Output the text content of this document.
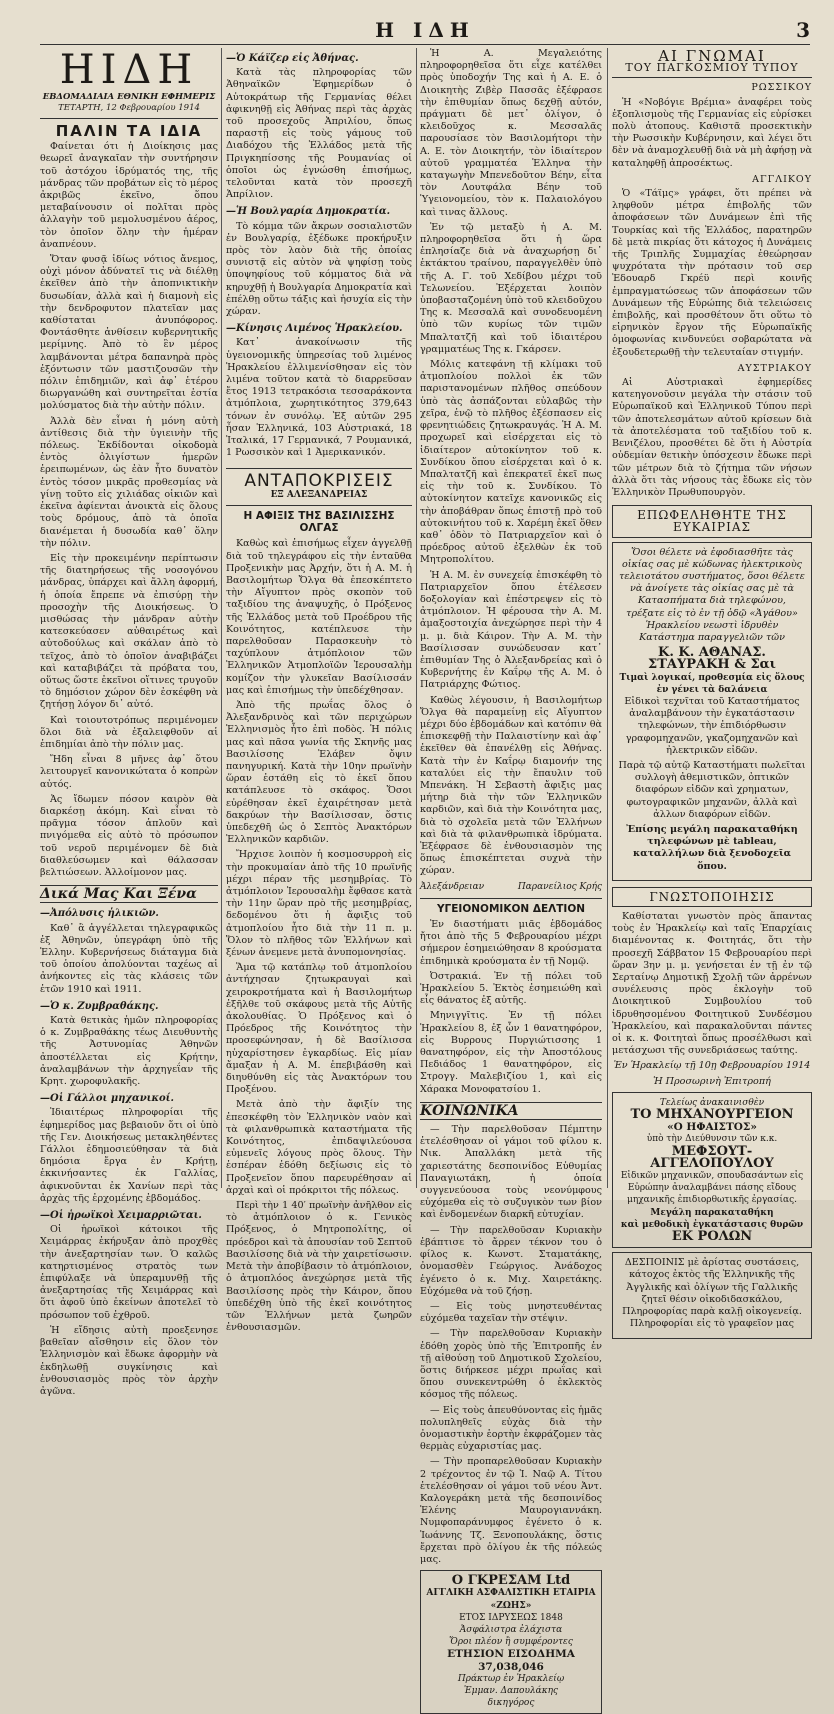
Η ΙΔΗ	3
ΗΙΔΗ
ΕΒΔΟΜΑΔΙΑΙΑ ΕΘΝΙΚΗ ΕΦΗΜΕΡΙΣ
ΤΕΤΑΡΤΗ, 12 Φεβρουαρίου 1914
ΠΑΛΙΝ ΤΑ ΙΔΙΑ

Φαίνεται ότι ἡ Διοίκησις μας θεωρεῖ ἀναγκαῖαν τὴν συντήρησιν τοῦ ἀστόχου ἱδρύματός της, τῆς μάνδρας τῶν προβάτων εἰς τὸ μέρος ἀκριβῶς ἐκεῖνο, ὅπου μεταβαίνουσιν οἱ πολῖται πρὸς ἀλλαγὴν τοῦ μεμολυσμένου ἀέρος, τὸν ὁποῖον ὅλην τὴν ἡμέραν ἀναπνέουν.

Ὅταν φυσᾷ ἰδίως νότιος ἄνεμος, οὐχὶ μόνον ἀδύνατεῖ τις νὰ διέλθῃ ἐκεῖθεν ἀπὸ τὴν ἀποπνικτικὴν δυσωδίαν, ἀλλὰ καὶ ἡ διαμονὴ εἰς τὴν δενδροφυτον πλατεῖαν μας καθίσταται ἀνυπόφορος. Φοντάσθητε ἀνθίσειν κυβερνητικῆς μερίμνης. Ἀπὸ τὸ ἓν μέρος λαμβάνονται μέτρα δαπανηρὰ πρὸς ἐξόντωσιν τῶν μαστιζουσῶν τὴν πόλιν ἐπιδημιῶν, καὶ ἀφ᾽ ἑτέρου διωργανώθη καὶ συντηρεῖται ἑστία μολύσματος διὰ τὴν αὐτὴν πόλιν.

Ἀλλὰ δὲν εἶναι ἡ μόνη αὐτὴ ἀντίθεσις διὰ τὴν ὑγιεινὴν τῆς πόλεως. Ἐκδίδονται οἰκοδομὰ ἐντὸς ὀλιγίστων ἡμερῶν ἐρειπωμένων, ὡς ἐὰν ἦτο δυνατὸν ἐντὸς τόσον μικρᾶς προθεσμίας νὰ γίνῃ τοῦτο εἰς χιλιάδας οἰκιῶν καὶ ἐκεῖνα ἀφίενται ἀνοικτὰ εἰς ὅλους τοὺς δρόμους, ἀπὸ τὰ ὁποῖα διανέμεται ἡ δυσωδία καθ᾽ ὅλην τὴν πόλιν.

Εἰς τὴν προκειμένην περίπτωσιν τῆς διατηρήσεως τῆς νοσογόνου μάνδρας, ὑπάρχει καὶ ἄλλη ἀφορμή, ἡ ὁποία ἔπρεπε νὰ ἐπισύρῃ τὴν προσοχὴν τῆς Διοικήσεως. Ὁ μισθώσας τὴν μάνδραν αὐτὴν κατεσκεύασεν αὐθαιρέτως καὶ αὐτοδούλως καὶ σκάλαν ἀπὸ τὸ τεῖχος, ἀπὸ τὸ ὁποῖον ἀναβιβάζει καὶ καταβιβάζει τὰ πρόβατα του, οὕτως ὥστε ἐκεῖνοι οἵτινες τρυγοῦν τὸ δημόσιον χώρον δὲν ἐσκέφθη νὰ ζητήσῃ λόγον δι᾽ αὐτό.

Καὶ τοιουτοτρόπως περιμένομεν ὅλοι διὰ νὰ ἐξαλειφθοῦν αἱ ἐπιδημίαι ἀπὸ τὴν πόλιν μας.

Ἤδη εἶναι 8 μῆνες ἀφ᾽ ὅτου λειτουργεῖ κανονικώτατα ὁ κοπρὼν αὐτός.

Ἀς ἴδωμεν πόσον καιρὸν θὰ διαρκέσῃ ἀκόμη. Καὶ εἶναι τὸ πρᾶγμα τόσον ἁπλοῦν καὶ πνιγόμεθα εἰς αὐτὸ τὸ πρόσωπον τοῦ νεροῦ περιμένομεν δὲ διὰ διαθλεύσωμεν καὶ θάλασσαν βελτιώσεων. Ἀλλοίμονον μας.

Δικά Μας Και Ξένα
—Ἀπόλυσις ἡλικιῶν.

Καθ᾽ ἃ ἀγγέλλεται τηλεγραφικῶς ἐξ Ἀθηνῶν, ὑπεγράφη ὑπὸ τῆς Ἑλλην. Κυβερνήσεως διάταγμα διὰ τοῦ ὁποίου ἀπολύονται ταχέως αἱ ἀνήκοντες εἰς τὰς κλάσεις τῶν ἐτῶν 1910 καὶ 1911.

—Ὁ κ. Ζυμβραθάκης.

Κατὰ θετικὰς ἡμῶν πληροφορίας ὁ κ. Ζυμβραθάκης τέως Διευθυντὴς τῆς Ἀστυνομίας Ἀθηνῶν ἀποστέλλεται εἰς Κρήτην, ἀναλαμβάνων τὴν ἀρχηγεΐαν τῆς Κρητ. χωροφυλακῆς.

—Οἱ Γάλλοι μηχανικοί.

Ἰδιαιτέρως πληροφορίαι τῆς ἐφημερίδος μας βεβαιοῦν ὅτι οἱ ὑπὸ τῆς Γεν. Διοικήσεως μετακληθέντες Γάλλοι ἐδημοσιεύθησαν τὰ διὰ δημόσια ἔργα ἐν Κρήτῃ, ἐκκινήσαντες ἐκ Γαλλίας, ἀφικνοῦνται ἐκ Χανίων περὶ τὰς ἀρχὰς τῆς ἐρχομένης ἑβδομάδος.

—Οἱ ἡρωϊκοὶ Χειμαρριῶται.

Οἱ ἡρωϊκοὶ κάτοικοι τῆς Χειμάρρας ἐκήρυξαν ἀπὸ προχθὲς τὴν ἀνεξαρτησίαν των. Ὁ καλῶς κατηρτισμένος στρατὸς των ἐπιφύλαξε νὰ ὑπεραμυνθῇ τῆς ἀνεξαρτησίας τῆς Χειμάρρας καὶ ὅτι ἀφοῦ ὑπὸ ἐκείνων ἀποτελεῖ τὸ πρόσωπον τοῦ ἐχθροῦ.

Ἡ εἴδησις αὐτὴ προεξενησε βαθεῖαν αἴσθησιν εἰς ὅλον τὸν Ἑλληνισμὸν καὶ ἔδωκε ἀφορμὴν νὰ ἐκδηλωθῇ συγκίνησις καὶ ἐνθουσιασμὸς πρὸς τὸν ἀρχὴν ἀγῶνα.

—Ὁ Κάϊζερ εἰς Ἀθήνας.

Κατὰ τὰς πληροφορίας τῶν Ἀθηναϊκῶν Ἐφημερίδων ὁ Αὐτοκράτωρ τῆς Γερμανίας θέλει ἀφικνηθῇ εἰς Ἀθήνας περὶ τὰς ἀρχὰς τοῦ προσεχοῦς Ἀπριλίου, ὅπως παραστῇ εἰς τοὺς γάμους τοῦ Διαδόχου τῆς Ἑλλάδος μετὰ τῆς Πριγκηπίσσης τῆς Ρουμανίας οἱ ὁποῖοι ὡς ἐγνώσθη ἐπισήμως, τελοῦνται κατὰ τὸν προσεχῆ Ἀπρίλιον.

—Ἡ Βουλγαρία Δημοκρατία.

Τὸ κόμμα τῶν ἄκρων σοσιαλιστῶν ἐν Βουλγαρίᾳ, ἐξέδωκε προκήρυξιν πρὸς τὸν λαὸν διὰ τῆς ὁποίας συνιστᾷ εἰς αὐτὸν νὰ ψηφίσῃ τοὺς ὑποψηφίους τοῦ κόμματος διὰ νὰ κηρυχθῇ ἡ Βουλγαρία Δημοκρατία καὶ ἐπέλθῃ οὕτω τάξις καὶ ἡσυχία εἰς τὴν χώραν.

—Κίνησις Λιμένος Ἡρακλείου.

Κατ᾽ ἀνακοίνωσιν τῆς ὑγειονομικῆς ὑπηρεσίας τοῦ λιμένος Ἡρακλείου ἐλλιμενίσθησαν εἰς τὸν λιμένα τοῦτον κατὰ τὸ διαρρεῦσαν ἔτος 1913 τετρακόσια τεσσαράκοντα ἀτμόπλοια, χωρητικότητος 379,643 τόνων ἐν συνόλῳ. Ἐξ αὐτῶν 295 ἦσαν Ἑλληνικά, 103 Αὐστριακά, 18 Ἰταλικά, 17 Γερμανικά, 7 Ρουμανικά, 1 Ρωσσικὸν καὶ 1 Ἀμερικανικόν.

ΑΝΤΑΠΟΚΡΙΣΕΙΣ
ΕΞ ΑΛΕΞΑΝΔΡΕΙΑΣ
Η ΑΦΙΞΙΣ ΤΗΣ ΒΑΣΙΛΙΣΣΗΣ ΟΛΓΑΣ

Καθὼς καὶ ἐπισήμως εἶχεν ἀγγελθῇ διὰ τοῦ τηλεγράφου εἰς τὴν ἐνταῦθα Προξενικὴν μας Ἀρχήν, ὅτι ἡ Α. Μ. ἡ Βασιλομήτωρ Ὄλγα θὰ ἐπεσκέπτετο τὴν Αἴγυπτον πρὸς σκοπὸν τοῦ ταξιδίου της ἀναψυχῆς, ὁ Πρόξενος τῆς Ἑλλάδος μετὰ τοῦ Προέδρου τῆς Κοινότητος, κατέπλευσε τὴν παρελθοῦσαν Παρασκευὴν τὸ ταχύπλουν ἀτμόπλοιον τῶν Ἐλληνικῶν Ἀτμοπλοϊῶν Ἱερουσαλὴμ κομίζον τὴν γλυκεῖαν Βασίλισσάν μας καὶ ἐπισήμως τὴν ὑπεδέχθησαν.

Ἀπὸ τῆς πρωΐας ὅλος ὁ Ἀλεξανδρινὸς καὶ τῶν περιχώρων Ἑλληνισμὸς ἦτο ἐπὶ ποδὸς. Ἡ πόλις μας καὶ πᾶσα γωνία τῆς Σκηνῆς μας Βασιλίσσης Ἐλάβεν ὄψιν πανηγυρική. Κατὰ τὴν 10ην πρωϊνὴν ὥραν ἐστάθη εἰς τὸ ἐκεῖ ὅπου κατάπλευσε τὸ σκάφος. Ὅσοι εὐρέθησαν ἐκεῖ ἐχαιρέτησαν μετὰ δακρύων τὴν Βασίλισσαν, ὅστις ὑπεδεχθῆ ὡς ὁ Σεπτὸς Ἀνακτόρων Ἐλληνικῶν καρδιῶν.

Ἤρχισε λοιπὸν ἡ κοσμοσυρροὴ εἰς τὴν προκυμαίαν ἀπὸ τῆς 10 πρωϊνῆς μέχρι πέραν τῆς μεσημβρίας. Τὸ ἀτμόπλοιον Ἱερουσαλὴμ ἔφθασε κατὰ τὴν 11ην ὥραν πρὸ τῆς μεσημβρίας, δεδομένου ὅτι ἡ ἄφιξις τοῦ ἀτμοπλοίου ἦτο διὰ τὴν 11 π. μ. Ὅλον τὸ πλῆθος τῶν Ἑλλήνων καὶ ξένων ἀνεμενε μετὰ ἀνυπομονησίας.

Ἅμα τῷ κατάπλῳ τοῦ ἀτμοπλοίου ἀντήχησαν ζητωκραυγαὶ καὶ χειροκροτήματα καὶ ἡ Βασιλομήτωρ ἐξῆλθε τοῦ σκάφους μετὰ τῆς Αὐτῆς ἀκολουθίας. Ὁ Πρόξενος καὶ ὁ Πρόεδρος τῆς Κοινότητος τὴν προσεφώνησαν, ἡ δὲ Βασίλισσα ηὐχαρίστησεν ἐγκαρδίως. Εἰς μίαν ἄμαξαν ἡ Α. Μ. ἐπεβιβάσθη καὶ διηυθύνθη εἰς τὰς Ἀνακτόρων του Προξένου.

Μετὰ ἀπὸ τὴν ἄφιξίν της ἐπεσκέφθη τὸν Ἐλληνικὸν ναὸν καὶ τὰ φιλανθρωπικὰ καταστήματα τῆς Κοινότητος, ἐπιδαψιλεύουσα εὐμενεῖς λόγους πρὸς ὅλους. Τὴν ἑσπέραν ἐδόθη δεξίωσις εἰς τὸ Προξενεῖον ὅπου παρευρέθησαν αἱ ἀρχαὶ καὶ οἱ πρόκριτοι τῆς πόλεως.

Περὶ τὴν 1 40′ πρωϊνὴν ἀνῆλθον εἰς τὸ ἀτμόπλοιον ὁ κ. Γενικὸς Πρόξενος, ὁ Μητροπολίτης, οἱ πρόεδροι καὶ τὰ ἀπουσίαν τοῦ Σεπτοῦ Βασιλίσσης διὰ νὰ τὴν χαιρετίσωσιν. Μετὰ τὴν ἀποβίβασιν τὸ ἀτμόπλοιον, ὁ ἀτμοπλόος ἀνεχώρησε μετὰ τῆς Βασιλίσσης πρὸς τὴν Κάιρον, ὅπου ὑπεδέχθη ὑπὸ τῆς ἐκεῖ κοινότητος τῶν Ἑλλήνων μετὰ ζωηρῶν ἐνθουσιασμῶν.

Ἡ Α. Μεγαλειότης πληροφορηθεῖσα ὅτι εἶχε κατέλθει πρὸς ὑποδοχήν Της καὶ ἡ Α. Ε. ὁ Διοικητὴς Ζιβὲρ Πασσᾶς ἐξέφρασε τὴν ἐπιθυμίαν ὅπως δεχθῇ αὐτόν, πράγματι δὲ μετ᾽ ὀλίγον, ὁ κλειδοῦχος κ. Μεσσαλᾶς παρουσίασε τὸν Βασιλομήτορι τὴν Α. Ε. τὸν Διοικητήν, τὸν ἰδιαίτερον αὐτοῦ γραμματέα Ἑλληνα τὴν καταγωγὴν Μπενεδοῦτον Βέην, εἶτα τὸν Λουτφάλα Βέην τοῦ Ὑγειονομείου, τὸν κ. Παλαιολόγου καὶ τινας ἄλλους.

Ἐν τῷ μεταξὺ ἡ Α. Μ. πληροφορηθεῖσα ὅτι ἡ ὥρα ἐπλησίαζε διὰ νὰ ἀναχωρήσῃ δι᾽ ἐκτάκτου τραίνου, παραγγελθὲν ὑπὸ τῆς Α. Γ. τοῦ Χεδίβου μέχρι τοῦ Τελωνείου. Ἐξέρχεται λοιπὸν ὑποβασταζομένη ὑπὸ τοῦ κλειδοῦχου Της κ. Μεσσαλᾶ καὶ συνοδευομένη ὑπὸ τῶν κυρίως τῶν τιμῶν Μπαλτατζῆ καὶ τοῦ ἰδιαιτέρου γραμματέως Της κ. Γκάρσεν.

Μόλις κατεφάνη τῇ κλίμακι τοῦ ἀτμοπλοίου πολλοὶ ἐκ τῶν παριστανομένων πλῆθος σπεύδουν ὑπὸ τὰς ἀσπάζονται εὐλαβῶς τὴν χεῖρα, ἐνῷ τὸ πλῆθος ἐξέσπασεν εἰς φρενητιώδεις ζητωκραυγάς. Ἡ Α. Μ. προχωρεῖ καὶ εἰσέρχεται εἰς τὸ ἰδιαίτερον αὐτοκίνητον τοῦ κ. Συνδίκου ὅπου εἰσέρχεται καὶ ὁ κ. Μπαλτατζῆ καὶ ἐπεκρατεῖ ἐκεῖ πως εἰς τὴν τοῦ κ. Συνδίκου. Τὸ αὐτοκίνητον κατεῖχε κανονικῶς εἰς τὴν ἀποβάθραν ὅπως ἐπιστῇ πρὸ τοῦ αὐτοκινήτου τοῦ κ. Χαρέμη ἐκεῖ ὅθεν καθ᾽ ὁδὸν τὸ Πατριαρχεῖον καὶ ὁ πρόεδρος αὐτοῦ ἐξελθὼν ἐκ τοῦ Μητροπολίτου.

Ἡ Α. Μ. ἐν συνεχείᾳ ἐπισκέφθη τὸ Πατριαρχεῖον ὅπου ἐτέλεσεν δοξολογίαν καὶ ἐπέστρεψεν εἰς τὸ ἀτμόπλοιον. Ἡ φέρουσα τὴν Α. Μ. ἀμαξοστοιχία ἀνεχώρησε περὶ τὴν 4 μ. μ. διὰ Κάιρον. Τὴν Α. Μ. τὴν Βασίλισσαν συνώδευσαν κατ᾽ ἐπιθυμίαν Της ὁ Ἀλεξανδρείας καὶ ὁ Κυβερνήτης ἐν Καΐρῳ τῆς Α. Μ. ὁ Πατριάρχης Φώτιος.

Καθὼς λέγουσιν, ἡ Βασιλομήτωρ Ὄλγα θὰ παραμείνῃ εἰς Αἴγυπτον μέχρι δύο ἑβδομάδων καὶ κατόπιν θὰ ἐπισκεφθῇ τὴν Παλαιστίνην καὶ ἀφ᾽ ἐκεῖθεν θὰ ἐπανέλθῃ εἰς Ἀθήνας. Κατὰ τὴν ἐν Καΐρῳ διαμονήν της καταλύει εἰς τὴν ἔπαυλιν τοῦ Μπενάκη. Ἡ Σεβαστὴ ἄφιξις μας μήτηρ διὰ τὴν τῶν Ἑλληνικῶν καρδιῶν, καὶ διὰ τὴν Κοινότητα μας, διὰ τὸ σχολεῖα μετὰ τῶν Ἑλλήνων καὶ διὰ τὰ φιλανθρωπικὰ ἱδρύματα. Ἐξέφρασε δὲ ἐνθουσιασμὸν της ὅπως ἐπισκέπτεται συχνὰ τὴν χώραν.

Ἀλεξάνδρειαν	Παρανείλιος Κρής
ΥΓΕΙΟΝΟΜΙΚΟΝ ΔΕΛΤΙΟΝ

Ἐν διαστήματι μιᾶς ἑβδομάδος ἤτοι ἀπὸ τῆς 5 Φεβρουαρίου μέχρι σήμερον ἐσημειώθησαν 8 κρούσματα ἐπιδημικὰ κρούσματα ἐν τῇ Νομῷ.

Ὀστρακιά. Ἐν τῇ πόλει τοῦ Ἡρακλείου 5. Ἐκτὸς ἐσημειώθη καὶ εἷς θάνατος ἐξ αὐτῆς.

Μηνιγγῖτις. Ἐν τῇ πόλει Ἡρακλείου 8, ἐξ ὧν 1 θανατηφόρον, εἰς Βυρρους Πυργιώτισσης 1 θανατηφόρον, εἰς τὴν Ἀποστόλους Πεδιάδος 1 θανατηφόρον, εἰς Στρογγ. Μαλεβιζίου 1, καὶ εἰς Χάρακα Μονοφατσίου 1.

ΚΟΙΝΩΝΙΚΑ

— Τὴν παρελθοῦσαν Πέμπτην ἐτελέσθησαν οἱ γάμοι τοῦ φίλου κ. Νικ. Ἀπαλλάκη μετὰ τῆς χαριεστάτης δεσποινίδος Εὐθυμίας Παναγιωτάκη, ἡ ὁποία συγγενεύουσα τοὺς νεονύμφους εὐχόμεθα εἰς τὸ συζυγικὸν των βίον καὶ ἐνδομενέων διαρκῆ εὐτυχίαν.

— Τὴν παρελθοῦσαν Κυριακὴν ἐβάπτισε τὸ ἄρρεν τέκνον του ὁ φίλος κ. Κωνστ. Σταματάκης, ὀνομασθὲν Γεώργιος. Ἀνάδοχος ἐγένετο ὁ κ. Μιχ. Χαιρετάκης. Εὐχόμεθα νὰ τοῦ ζήσῃ.

— Εἰς τοὺς μνηστευθέντας εὐχόμεθα ταχεῖαν τὴν στέψιν.

— Τὴν παρελθοῦσαν Κυριακὴν ἐδόθη χορὸς ὑπὸ τῆς Ἐπιτροπῆς ἐν τῇ αἰθούσῃ τοῦ Δημοτικοῦ Σχολείου, ὅστις διήρκεσε μέχρι πρωΐας καὶ ὅπου συνεκεντρώθη ὁ ἐκλεκτὸς κόσμος τῆς πόλεως.

— Εἰς τοὺς ἀπευθύνοντας εἰς ἡμᾶς πολυπληθεῖς εὐχὰς διὰ τὴν ὀνομαστικὴν ἑορτὴν ἐκφράζομεν τὰς θερμὰς εὐχαριστίας μας.

— Τὴν προπαρελθοῦσαν Κυριακὴν 2 τρέχοντος ἐν τῷ Ἱ. Ναῷ Α. Τίτου ἐτελέσθησαν οἱ γάμοι τοῦ νέου Ἀντ. Καλογεράκη μετὰ τῆς δεσποινίδος Ἑλένης Μαυρογιαννάκη. Νυμφοπαράνυμφος ἐγένετο ὁ κ. Ἰωάννης Τζ. Ξενοπουλάκης, ὅστις ἔρχεται πρὸ ὀλίγου ἐκ τῆς πόλεώς μας.

Ο ΓΚΡΕΣΑΜ Ltd
ΑΓΓΛΙΚΗ ΑΣΦΑΛΙΣΤΙΚΗ ΕΤΑΙΡΙΑ «ΖΩΗΣ»
ΕΤΟΣ ΙΔΡΥΣΕΩΣ 1848
Ἀσφάλιστρα ἐλάχιστα
Ὅροι πλέον ἢ συμφέροντες
ΕΤΗΣΙΟΝ ΕΙΣΟΔΗΜΑ 37,038,046
Πράκτωρ ἐν Ἡρακλείῳ
Ἐμμαν. Δαπουλάκης
δικηγόρος
ΑΙ ΓΝΩΜΑΙ
ΤΟΥ ΠΑΓΚΟΣΜΙΟΥ ΤΥΠΟΥ
ΡΩΣΣΙΚΟΥ

Ἡ «Νοβόγιε Βρέμια» ἀναφέρει τοὺς ἐξοπλισμοὺς τῆς Γερμανίας εἰς εὐρίσκει πολὺ ἀτοπους. Καθιστᾶ προσεκτικὴν τὴν Ρωσσικὴν Κυβέρνησιν, καὶ λέγει ὅτι δὲν νὰ ἀναμοχλευθῇ διὰ νὰ μὴ ἀφήσῃ νὰ καταληφθῇ ἀπροσέκτως.

ΑΓΓΛΙΚΟΥ

Ὁ «Τάϊμς» γράφει, ὅτι πρέπει νὰ ληφθοῦν μέτρα ἐπιβολῆς τῶν ἀποφάσεων τῶν Δυνάμεων ἐπὶ τῆς Τουρκίας καὶ τῆς Ἑλλάδος, παρατηρῶν δὲ μετὰ πικρίας ὅτι κάτοχος ἡ Δυνάμεις τῆς Τριπλῆς Συμμαχίας ἐθεώρησαν ψυχρότατα τὴν πρότασιν τοῦ σερ Ἐδουαρδ Γκρέϋ περὶ κοινῆς ἐμπραγματώσεως τῶν ἀποφάσεων τῶν Δυνάμεων τῆς Εὐρώπης διὰ τελειώσεις ἐπιβολῆς, καὶ προσθέτουν ὅτι οὕτω τὸ εἰρηνικὸν ἔργον τῆς Εὐρωπαϊκῆς ὁμοφωνίας κινδυνεύει σοβαρώτατα νὰ ἐξουδετερωθῇ τὴν τελευταίαν στιγμήν.

ΑΥΣΤΡΙΑΚΟΥ

Αἱ Αὐστριακαὶ ἐφημερίδες κατεηγονοῦσιν μεγάλα τὴν στάσιν τοῦ Εὐρωπαϊκοῦ καὶ Ἑλληνικοῦ Τύπου περὶ τῶν ἀποτελεσμάτων αὐτοῦ κρίσεων διὰ τὰ ἀποτελέσματα τοῦ ταξιδίου τοῦ κ. Βενιζέλου, προσθέτει δὲ ὅτι ἡ Αὐστρία οὐδεμίαν θετικὴν ὑπόσχεσιν ἔδωκε περὶ τῶν μέτρων διὰ τὸ ζήτημα τῶν νήσων ἀλλὰ ὅτι τὰς νήσους τὰς ἔδωκε εἰς τὸν Ἑλληνικὸν Πρωθυπουργὸν.

ΕΠΩΦΕΛΗΘΗΤΕ ΤΗΣ ΕΥΚΑΙΡΙΑΣ

Ὅσοι θέλετε νὰ ἐφοδιασθῆτε τὰς οἰκίας σας μὲ κώδωνας ἠλεκτρικοὺς τελειοτάτου συστήματος, ὅσοι θέλετε νὰ ἀνοίγετε τὰς οἰκίας σας μὲ τὰ Κατασπήματα διὰ τηλεφώνου, τρέξατε εἰς τὸ ἐν τῇ ὁδῷ «Ἀγάθου» Ἡρακλείου νεωστὶ ἱδρυθὲν Κατάστημα παραγγελιῶν τῶν

Κ. Κ. ΑΘΑΝΑΣ. ΣΤΑΥΡΑΚΗ & Σαι
Τιμαὶ λογικαί, προθεσμία εἰς ὅλους ἐν γένει τὰ δαλάνεια

Εἰδικοὶ τεχνῖται τοῦ Καταστήματος ἀναλαμβάνουν τὴν ἐγκατάστασιν τηλεφώνων, τὴν ἐπιδιόρθωσιν γραφομηχανῶν, γκαζομηχανῶν καὶ ἠλεκτρικῶν εἰδῶν.

Παρὰ τῷ αὐτῷ Καταστήματι πωλεῖται συλλογὴ ἀθεμιστικῶν, ὀπτικῶν διαφόρων εἰδῶν καὶ χρηματων, φωτογραφικῶν μηχανῶν, ἀλλὰ καὶ ἀλλων διαφόρων εἰδῶν.

Ἐπίσης μεγάλη παρακαταθήκη τηλεφώνων μὲ tableau, καταλλήλων διὰ ξενοδοχεῖα ὅπου.

ΓΝΩΣΤΟΠΟΙΗΣΙΣ

Καθίσταται γνωστὸν πρὸς ἅπαντας τοὺς ἐν Ἡρακλείῳ καὶ ταῖς Ἐπαρχίαις διαμένοντας κ. Φοιτητάς, ὅτι τὴν προσεχῆ Σάββατον 15 Φεβρουαρίου περὶ ὥραν 3ην μ. μ. γενήσεται ἐν τῇ ἐν τῷ Σερταίνῳ Δημοτικῇ Σχολῇ τῶν ἀρρένων συνέλευσις πρὸς ἐκλογὴν τοῦ Διοικητικοῦ Συμβουλίου τοῦ ἱδρυθησομένου Φοιτητικοῦ Συνδέσμου Ἡρακλείου, καὶ παρακαλοῦνται πάντες οἱ κ. κ. Φοιτηταὶ ὅπως προσέλθωσι καὶ μετάσχωσι τῆς συνεδριάσεως ταύτης.

Ἐν Ἡρακλείῳ τῇ 10ῃ Φεβρουαρίου 1914

Ἡ Προσωρινὴ Ἐπιτροπή

Τελείως ἀνακαινισθὲν
ΤΟ ΜΗΧΑΝΟΥΡΓΕΙΟΝ
«Ο ΗΦΑΙΣΤΟΣ»
ὑπὸ τὴν Διεύθυνσιν τῶν κ.κ.
ΜΕΦΣΟΥΤ-ΑΓΓΕΛΟΠΟΥΛΟΥ
Εἰδικῶν μηχανικῶν, σπουδασάντων εἰς Εὐρώπην ἀναλαμβάνει πάσης εἴδους μηχανικῆς ἐπιδιορθωτικῆς ἐργασίας.
Μεγάλη παρακαταθήκη
καὶ μεθοδικὴ ἐγκατάστασις θυρῶν
ΕΚ ΡΟΛΩΝ

ΔΕΣΠΟΙΝΙΣ μὲ ἀρίστας συστάσεις, κάτοχος ἐκτὸς τῆς Ἑλληνικῆς τῆς Ἀγγλικῆς καὶ ὀλίγων τῆς Γαλλικῆς ζητεῖ θέσιν οἰκοδιδασκάλου, Πληροφορίας παρὰ καλῇ οἰκογενείᾳ. Πληροφορίαι εἰς τὸ γραφεῖον μας
